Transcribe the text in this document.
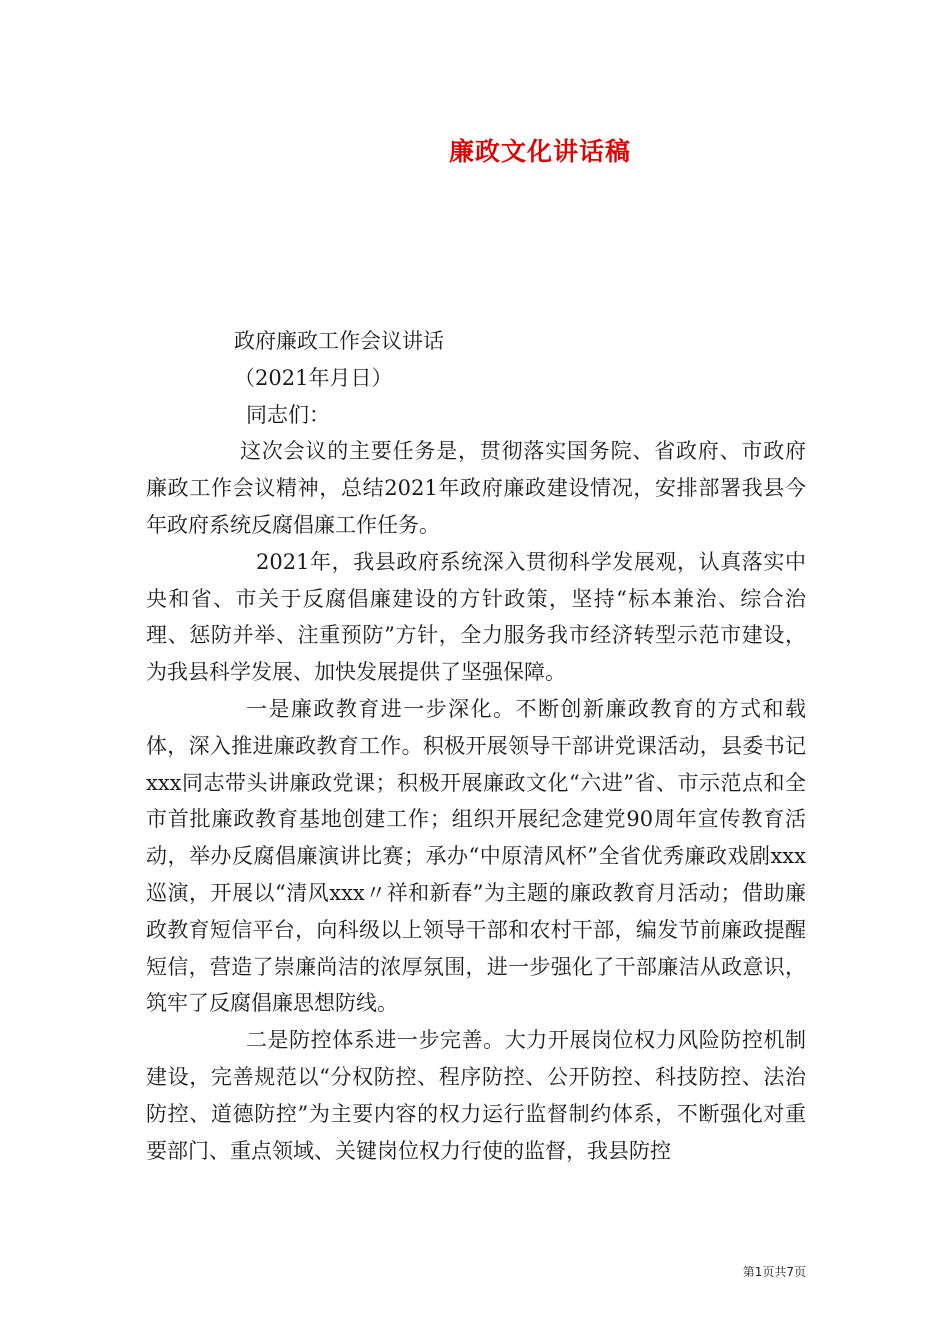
廉政文化讲话稿

政府廉政工作会议讲话

（2021年月日）

同志们：

这次会议的主要任务是，贯彻落实国务院、省政府、市政府廉政工作会议精神，总结2021年政府廉政建设情况，安排部署我县今年政府系统反腐倡廉工作任务。

2021年，我县政府系统深入贯彻科学发展观，认真落实中央和省、市关于反腐倡廉建设的方针政策，坚持“标本兼治、综合治理、惩防并举、注重预防”方针，全力服务我市经济转型示范市建设，为我县科学发展、加快发展提供了坚强保障。

一是廉政教育进一步深化。不断创新廉政教育的方式和载体，深入推进廉政教育工作。积极开展领导干部讲党课活动，县委书记xxx同志带头讲廉政党课；积极开展廉政文化“六进”省、市示范点和全市首批廉政教育基地创建工作；组织开展纪念建党90周年宣传教育活动，举办反腐倡廉演讲比赛；承办“中原清风杯”全省优秀廉政戏剧xxx巡演，开展以“清风xxx〃祥和新春”为主题的廉政教育月活动；借助廉政教育短信平台，向科级以上领导干部和农村干部，编发节前廉政提醒短信，营造了崇廉尚洁的浓厚氛围，进一步强化了干部廉洁从政意识，筑牢了反腐倡廉思想防线。

二是防控体系进一步完善。大力开展岗位权力风险防控机制建设，完善规范以“分权防控、程序防控、公开防控、科技防控、法治防控、道德防控”为主要内容的权力运行监督制约体系，不断强化对重要部门、重点领域、关键岗位权力行使的监督，我县防控

第1页共7页
